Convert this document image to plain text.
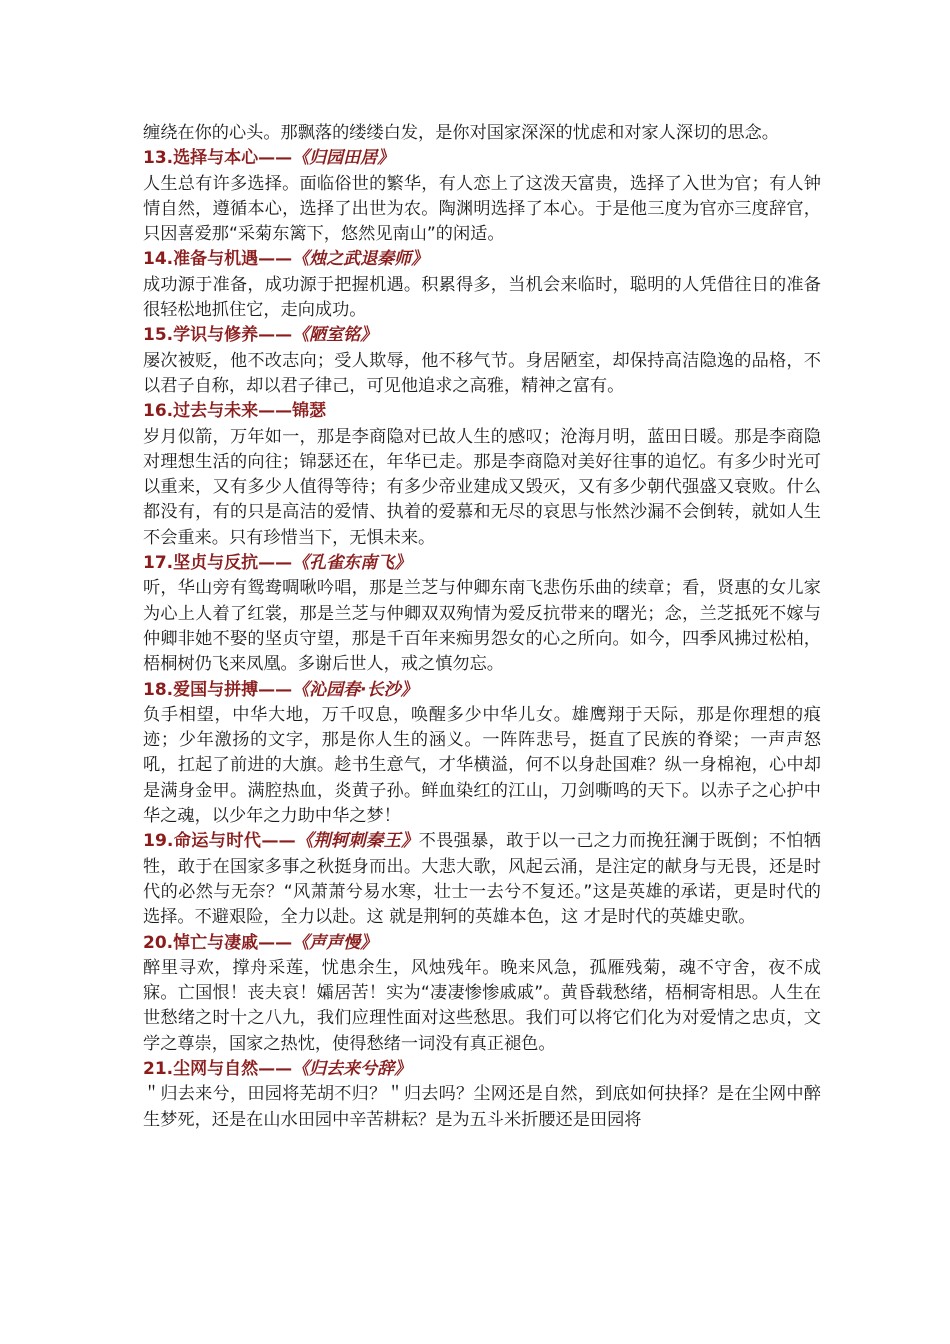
缠绕在你的心头。那飘落的缕缕白发，是你对国家深深的忧虑和对家人深切的思念。

13.选择与本心——《归园田居》

人生总有许多选择。面临俗世的繁华，有人恋上了这泼天富贵，选择了入世为官；有人钟情自然，遵循本心，选择了出世为农。陶渊明选择了本心。于是他三度为官亦三度辞官，只因喜爱那“采菊东篱下，悠然见南山”的闲适。

14.准备与机遇——《烛之武退秦师》

成功源于准备，成功源于把握机遇。积累得多，当机会来临时，聪明的人凭借往日的准备很轻松地抓住它，走向成功。

15.学识与修养——《陋室铭》

屡次被贬，他不改志向；受人欺辱，他不移气节。身居陋室，却保持高洁隐逸的品格，不以君子自称，却以君子律己，可见他追求之高雅，精神之富有。

16.过去与未来——锦瑟

岁月似箭，万年如一，那是李商隐对已故人生的感叹；沧海月明，蓝田日暖。那是李商隐对理想生活的向往；锦瑟还在，年华已走。那是李商隐对美好往事的追忆。有多少时光可以重来，又有多少人值得等待；有多少帝业建成又毁灭，又有多少朝代强盛又衰败。什么都没有，有的只是高洁的爱情、执着的爱慕和无尽的哀思与怅然沙漏不会倒转，就如人生不会重来。只有珍惜当下，无惧未来。

17.坚贞与反抗——《孔雀东南飞》

听，华山旁有鸳鸯啁啾吟唱，那是兰芝与仲卿东南飞悲伤乐曲的续章；看，贤惠的女儿家为心上人着了红裳，那是兰芝与仲卿双双殉情为爱反抗带来的曙光；念，兰芝抵死不嫁与仲卿非她不娶的坚贞守望，那是千百年来痴男怨女的心之所向。如今，四季风拂过松柏，梧桐树仍飞来凤凰。多谢后世人，戒之慎勿忘。

18.爱国与拼搏——《沁园春·长沙》

负手相望，中华大地，万千叹息，唤醒多少中华儿女。雄鹰翔于天际，那是你理想的痕迹；少年激扬的文字，那是你人生的涵义。一阵阵悲号，挺直了民族的脊梁；一声声怒吼，扛起了前进的大旗。趁书生意气，才华横溢，何不以身赴国难？纵一身棉袍，心中却是满身金甲。满腔热血，炎黄子孙。鲜血染红的江山，刀剑嘶鸣的天下。以赤子之心护中华之魂，以少年之力助中华之梦！

19.命运与时代——《荆轲刺秦王》不畏强暴，敢于以一己之力而挽狂澜于既倒；不怕牺牲，敢于在国家多事之秋挺身而出。大悲大歌，风起云涌，是注定的献身与无畏，还是时代的必然与无奈？“风萧萧兮易水寒，壮士一去兮不复还。”这是英雄的承诺，更是时代的选择。不避艰险，全力以赴。这 就是荆轲的英雄本色，这 才是时代的英雄史歌。

20.悼亡与凄戚——《声声慢》

醉里寻欢，撑舟采莲，忧患余生，风烛残年。晚来风急，孤雁残菊，魂不守舍，夜不成寐。亡国恨！丧夫哀！孀居苦！实为“凄凄惨惨戚戚”。黄昏载愁绪，梧桐寄相思。人生在世愁绪之时十之八九，我们应理性面对这些愁思。我们可以将它们化为对爱情之忠贞，文学之尊崇，国家之热忱，使得愁绪一词没有真正褪色。

21.尘网与自然——《归去来兮辞》

＂归去来兮，田园将芜胡不归？＂归去吗？尘网还是自然，到底如何抉择？是在尘网中醉生梦死，还是在山水田园中辛苦耕耘？是为五斗米折腰还是田园将
